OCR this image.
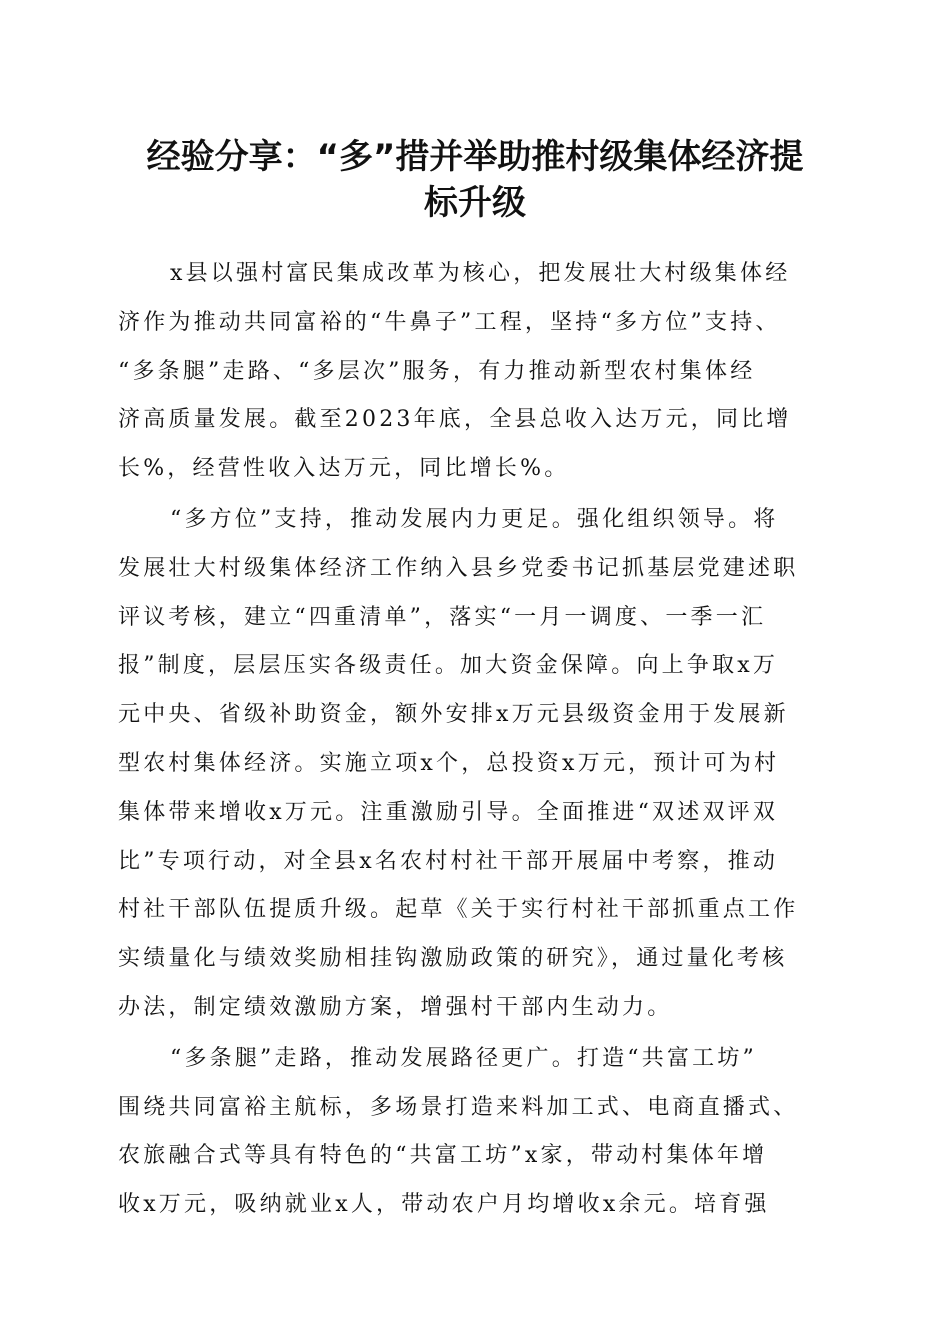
经验分享：“多”措并举助推村级集体经济提
标升级

x县以强村富民集成改革为核心，把发展壮大村级集体经
济作为推动共同富裕的“牛鼻子”工程，坚持“多方位”支持、
“多条腿”走路、“多层次”服务，有力推动新型农村集体经
济高质量发展。截至2023年底，全县总收入达万元，同比增
长%，经营性收入达万元，同比增长%。

“多方位”支持，推动发展内力更足。强化组织领导。将
发展壮大村级集体经济工作纳入县乡党委书记抓基层党建述职
评议考核，建立“四重清单”，落实“一月一调度、一季一汇
报”制度，层层压实各级责任。加大资金保障。向上争取x万
元中央、省级补助资金，额外安排x万元县级资金用于发展新
型农村集体经济。实施立项x个，总投资x万元，预计可为村
集体带来增收x万元。注重激励引导。全面推进“双述双评双
比”专项行动，对全县x名农村村社干部开展届中考察，推动
村社干部队伍提质升级。起草《关于实行村社干部抓重点工作
实绩量化与绩效奖励相挂钩激励政策的研究》，通过量化考核
办法，制定绩效激励方案，增强村干部内生动力。

“多条腿”走路，推动发展路径更广。打造“共富工坊”
围绕共同富裕主航标，多场景打造来料加工式、电商直播式、
农旅融合式等具有特色的“共富工坊”x家，带动村集体年增
收x万元，吸纳就业x人，带动农户月均增收x余元。培育强
